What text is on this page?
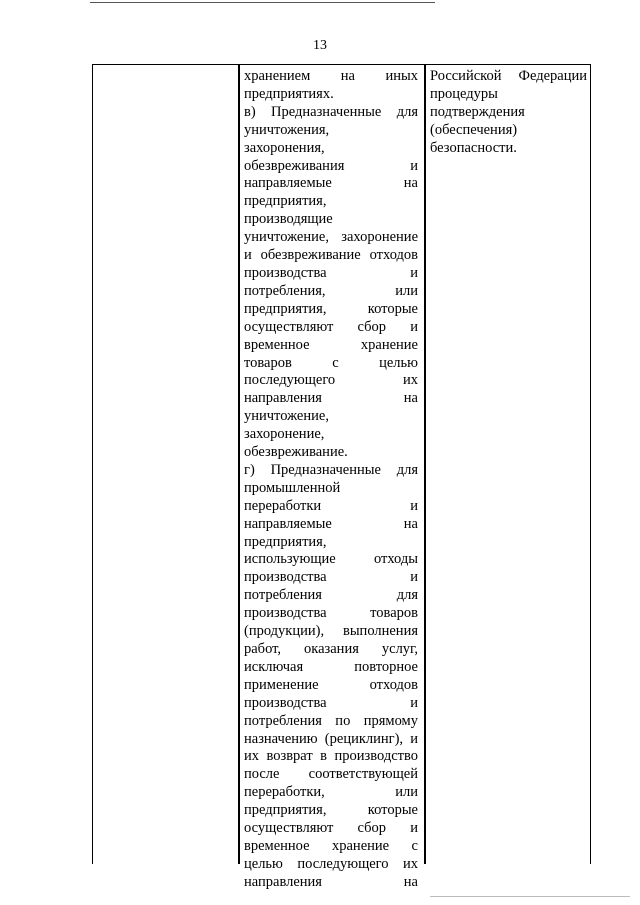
13
хранением на иных
предприятиях.
в) Предназначенные для
уничтожения,
захоронения,
обезвреживания и
направляемые на
предприятия,
производящие
уничтожение, захоронение
и обезвреживание отходов
производства и
потребления, или
предприятия, которые
осуществляют сбор и
временное хранение
товаров с целью
последующего их
направления на
уничтожение,
захоронение,
обезвреживание.
г) Предназначенные для
промышленной
переработки и
направляемые на
предприятия,
использующие отходы
производства и
потребления для
производства товаров
(продукции), выполнения
работ, оказания услуг,
исключая повторное
применение отходов
производства и
потребления по прямому
назначению (рециклинг), и
их возврат в производство
после соответствующей
переработки, или
предприятия, которые
осуществляют сбор и
временное хранение с
целью последующего их
направления на
Российской Федерации
процедуры
подтверждения
(обеспечения)
безопасности.
